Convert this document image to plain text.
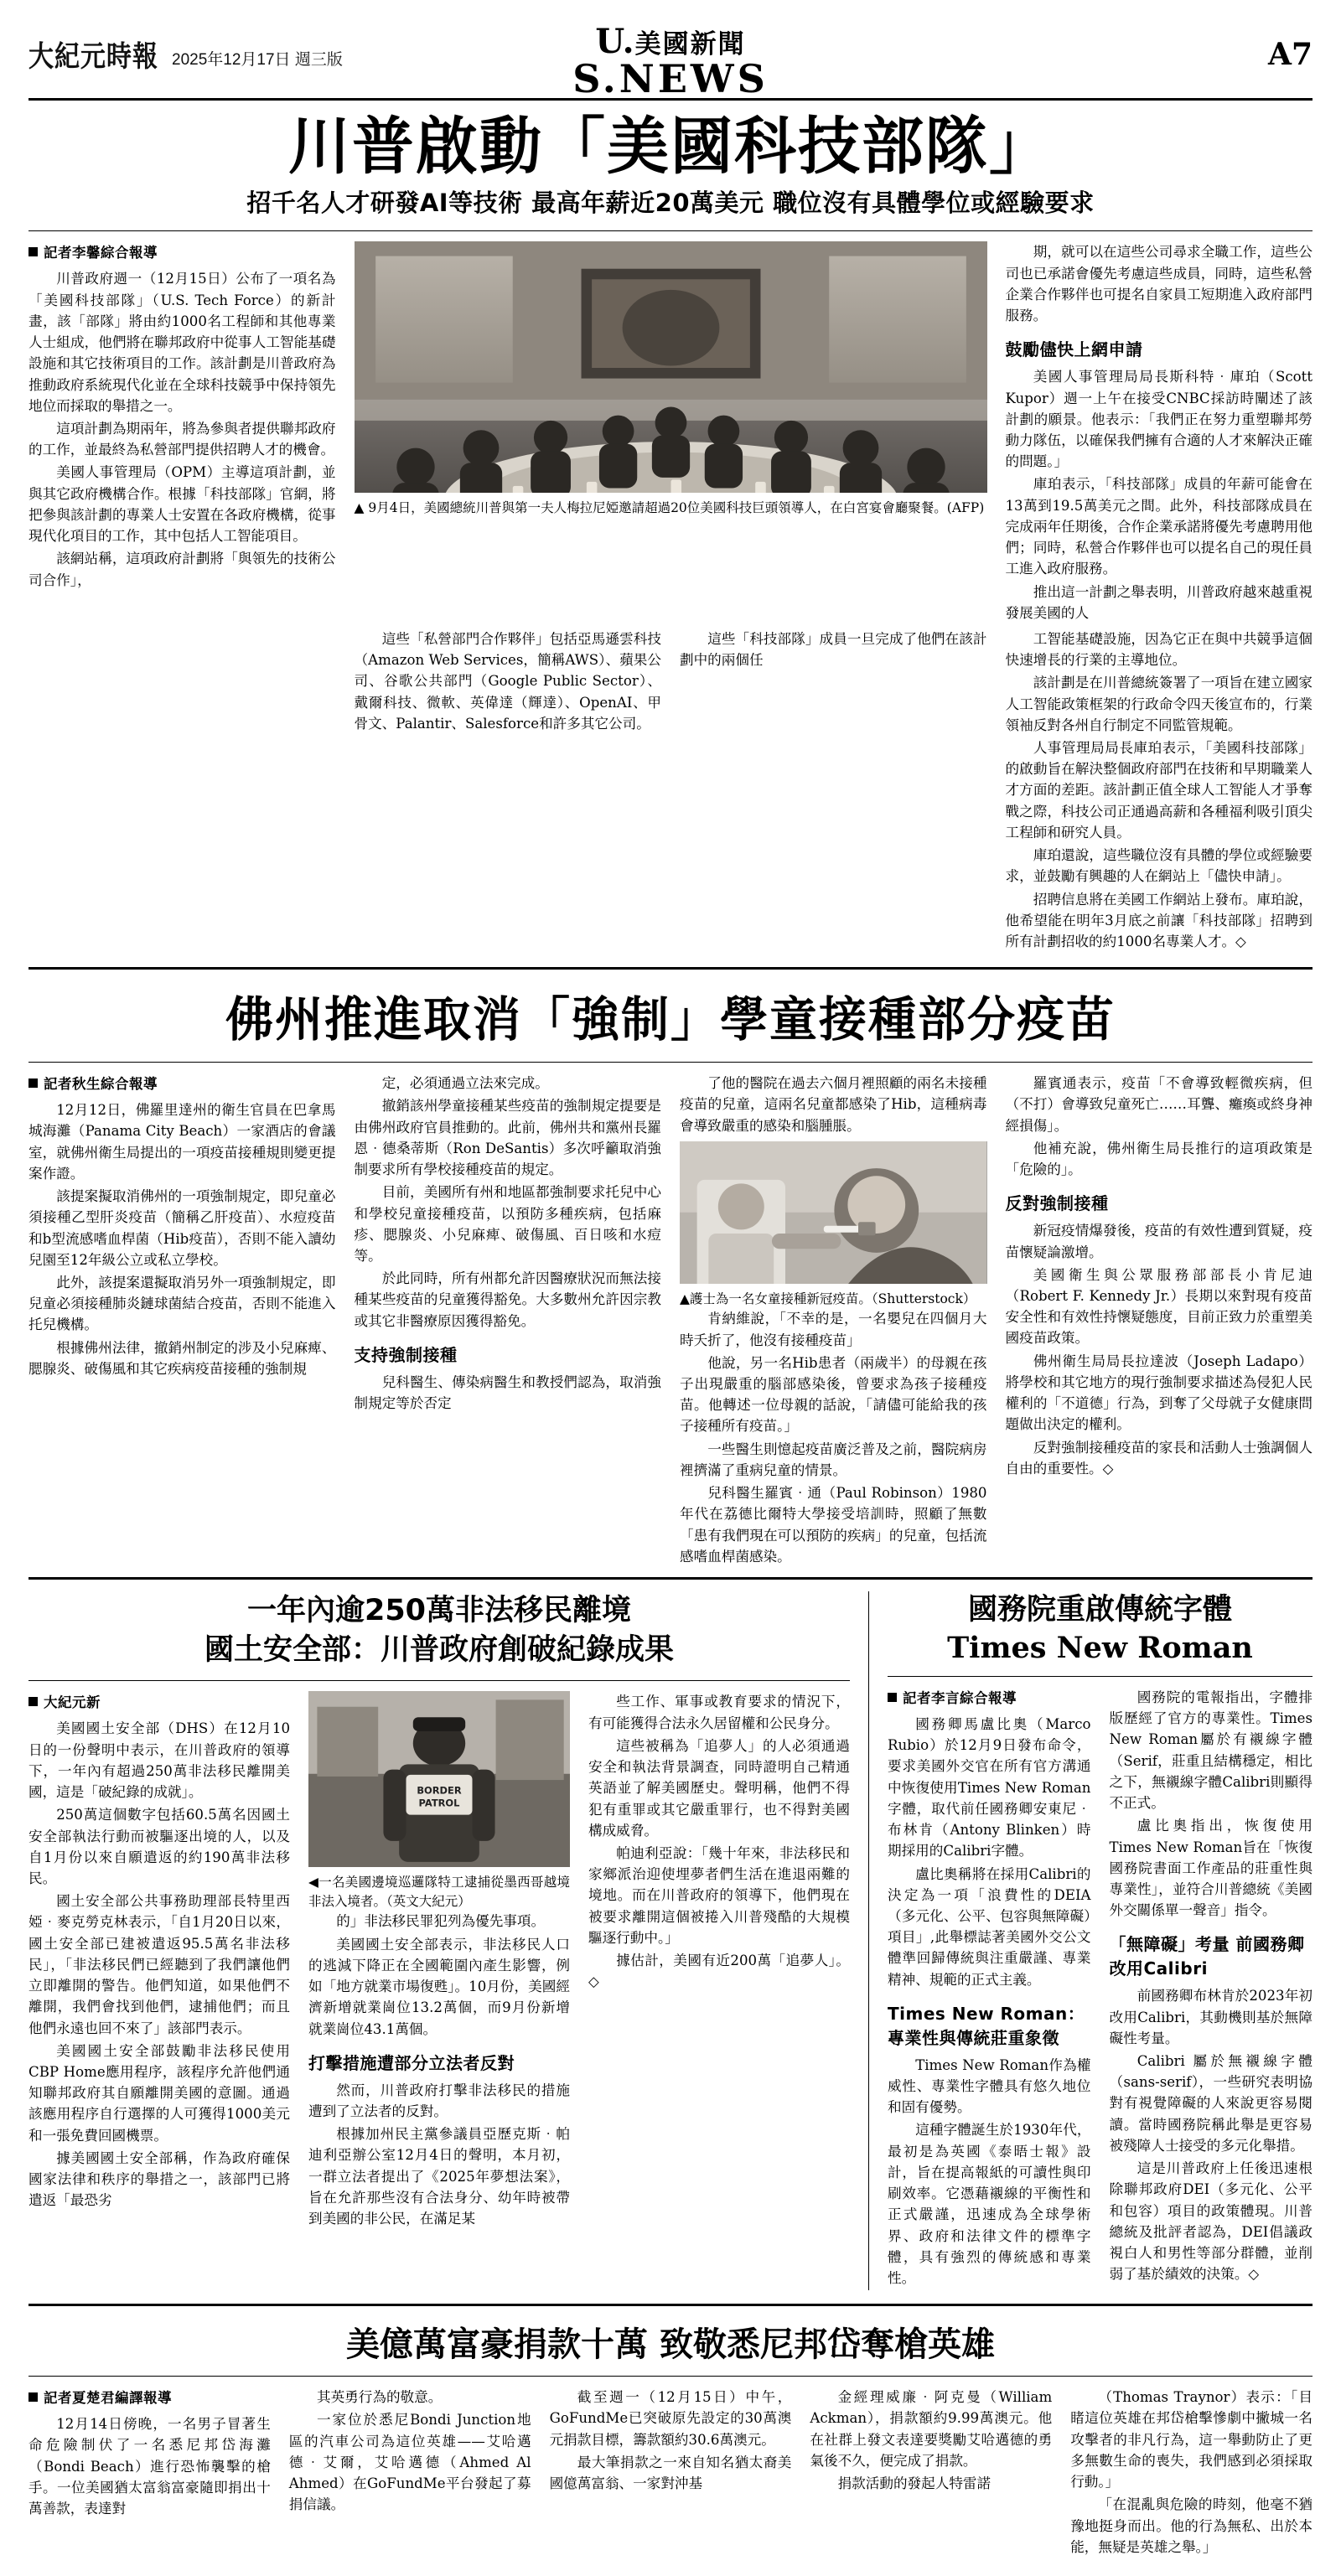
大紀元時報 2025年12月17日 週三版	U.美國新聞
S.NEWS
A7
川普啟動「美國科技部隊」
招千名人才研發AI等技術 最高年薪近20萬美元 職位沒有具體學位或經驗要求
記者李馨綜合報導

川普政府週一（12月15日）公布了一項名為「美國科技部隊」（U.S. Tech Force）的新計畫，該「部隊」將由約1000名工程師和其他專業人士組成，他們將在聯邦政府中從事人工智能基礎設施和其它技術項目的工作。該計劃是川普政府為推動政府系統現代化並在全球科技競爭中保持領先地位而採取的舉措之一。

這項計劃為期兩年，將為參與者提供聯邦政府的工作，並最終為私營部門提供招聘人才的機會。

美國人事管理局（OPM）主導這項計劃，並與其它政府機構合作。根據「科技部隊」官網，將把參與該計劃的專業人士安置在各政府機構，從事現代化項目的工作，其中包括人工智能項目。

該網站稱，這項政府計劃將「與領先的技術公司合作」，

▲ 9月4日，美國總統川普與第一夫人梅拉尼婭邀請超過20位美國科技巨頭領導人，在白宮宴會廳聚餐。(AFP)

期，就可以在這些公司尋求全職工作，這些公司也已承諾會優先考慮這些成員，同時，這些私營企業合作夥伴也可提名自家員工短期進入政府部門服務。

鼓勵儘快上網申請

美國人事管理局局長斯科特‧庫珀（Scott Kupor）週一上午在接受CNBC採訪時闡述了該計劃的願景。他表示：「我們正在努力重塑聯邦勞動力隊伍，以確保我們擁有合適的人才來解決正確的問題。」

庫珀表示，「科技部隊」成員的年薪可能會在13萬到19.5萬美元之間。此外，科技部隊成員在完成兩年任期後，合作企業承諾將優先考慮聘用他們；同時，私營合作夥伴也可以提名自己的現任員工進入政府服務。

推出這一計劃之舉表明，川普政府越來越重視發展美國的人

這些「私營部門合作夥伴」包括亞馬遜雲科技（Amazon Web Services，簡稱AWS）、蘋果公司、谷歌公共部門（Google Public Sector）、戴爾科技、微軟、英偉達（輝達）、OpenAI、甲骨文、Palantir、Salesforce和許多其它公司。

這些「科技部隊」成員一旦完成了他們在該計劃中的兩個任

工智能基礎設施，因為它正在與中共競爭這個快速增長的行業的主導地位。

該計劃是在川普總統簽署了一項旨在建立國家人工智能政策框架的行政命令四天後宣布的，行業領袖反對各州自行制定不同監管規範。

人事管理局局長庫珀表示，「美國科技部隊」的啟動旨在解決整個政府部門在技術和早期職業人才方面的差距。該計劃正值全球人工智能人才爭奪戰之際，科技公司正通過高薪和各種福利吸引頂尖工程師和研究人員。

庫珀還說，這些職位沒有具體的學位或經驗要求，並鼓勵有興趣的人在網站上「儘快申請」。

招聘信息將在美國工作網站上發布。庫珀說，他希望能在明年3月底之前讓「科技部隊」招聘到所有計劃招收的約1000名專業人才。◇

佛州推進取消「強制」學童接種部分疫苗
記者秋生綜合報導

12月12日，佛羅里達州的衛生官員在巴拿馬城海灘（Panama City Beach）一家酒店的會議室，就佛州衛生局提出的一項疫苗接種規則變更提案作證。

該提案擬取消佛州的一項強制規定，即兒童必須接種乙型肝炎疫苗（簡稱乙肝疫苗）、水痘疫苗和b型流感嗜血桿菌（Hib疫苗），否則不能入讀幼兒園至12年級公立或私立學校。

此外，該提案還擬取消另外一項強制規定，即兒童必須接種肺炎鏈球菌結合疫苗，否則不能進入托兒機構。

根據佛州法律，撤銷州制定的涉及小兒麻痺、腮腺炎、破傷風和其它疾病疫苗接種的強制規

定，必須通過立法來完成。

撤銷該州學童接種某些疫苗的強制規定提要是由佛州政府官員推動的。此前，佛州共和黨州長羅恩‧德桑蒂斯（Ron DeSantis）多次呼籲取消強制要求所有學校接種疫苗的規定。

目前，美國所有州和地區都強制要求托兒中心和學校兒童接種疫苗，以預防多種疾病，包括麻疹、腮腺炎、小兒麻痺、破傷風、百日咳和水痘等。

於此同時，所有州都允許因醫療狀況而無法接種某些疫苗的兒童獲得豁免。大多數州允許因宗教或其它非醫療原因獲得豁免。

支持強制接種

兒科醫生、傳染病醫生和教授們認為，取消強制規定等於否定

了他的醫院在過去六個月裡照顧的兩名未接種疫苗的兒童，這兩名兒童都感染了Hib，這種病毒會導致嚴重的感染和腦腫脹。

▲護士為一名女童接種新冠疫苗。（Shutterstock）

肯納維說，「不幸的是，一名嬰兒在四個月大時夭折了，他沒有接種疫苗」

他說，另一名Hib患者（兩歲半）的母親在孩子出現嚴重的腦部感染後，曾要求為孩子接種疫苗。他轉述一位母親的話說，「請儘可能給我的孩子接種所有疫苗。」

一些醫生則憶起疫苗廣泛普及之前，醫院病房裡擠滿了重病兒童的情景。

兒科醫生羅賓‧通（Paul Robinson）1980年代在荔德比爾特大學接受培訓時，照顧了無數「患有我們現在可以預防的疾病」的兒童，包括流感嗜血桿菌感染。

羅賓通表示，疫苗「不會導致輕微疾病，但（不打）會導致兒童死亡……耳聾、癱瘓或終身神經損傷」。

他補充說，佛州衛生局長推行的這項政策是「危險的」。

反對強制接種

新冠疫情爆發後，疫苗的有效性遭到質疑，疫苗懷疑論激增。

美國衛生與公眾服務部部長小肯尼迪（Robert F. Kennedy Jr.）長期以來對現有疫苗安全性和有效性持懷疑態度，目前正致力於重塑美國疫苗政策。

佛州衛生局局長拉達波（Joseph Ladapo）將學校和其它地方的現行強制要求描述為侵犯人民權利的「不道德」行為，到奪了父母就子女健康問題做出決定的權利。

反對強制接種疫苗的家長和活動人士強調個人自由的重要性。◇

一年內逾250萬非法移民離境
國土安全部：川普政府創破紀錄成果
大紀元新

美國國土安全部（DHS）在12月10日的一份聲明中表示，在川普政府的領導下，一年內有超過250萬非法移民離開美國，這是「破紀錄的成就」。

250萬這個數字包括60.5萬名因國土安全部執法行動而被驅逐出境的人，以及自1月份以來自願遣返的約190萬非法移民。

國土安全部公共事務助理部長特里西婭‧麥克勞克林表示，「自1月20日以來，國土安全部已建被遣返95.5萬名非法移民」，「非法移民們已經聽到了我們讓他們立即離開的警告。他們知道，如果他們不離開，我們會找到他們，逮捕他們；而且他們永遠也回不來了」該部門表示。

美國國土安全部鼓勵非法移民使用CBP Home應用程序，該程序允許他們通知聯邦政府其自願離開美國的意圖。通過該應用程序自行選擇的人可獲得1000美元和一張免費回國機票。

據美國國土安全部稱，作為政府確保國家法律和秩序的舉措之一，該部門已將遣返「最恐劣

BORDER
PATROL
◀一名美國邊境巡邏隊特工逮捕從墨西哥越境非法入境者。（英文大紀元）

的」非法移民罪犯列為優先事項。

美國國土安全部表示，非法移民人口的逃減下降正在全國範圍內產生影響，例如「地方就業市場復甦」。10月份，美國經濟新增就業崗位13.2萬個，而9月份新增就業崗位43.1萬個。

打擊措施遭部分立法者反對

然而，川普政府打擊非法移民的措施遭到了立法者的反對。

根據加州民主黨參議員亞歷克斯‧帕迪利亞辦公室12月4日的聲明，本月初，一群立法者提出了《2025年夢想法案》，旨在允許那些沒有合法身分、幼年時被帶到美國的非公民，在滿足某

些工作、軍事或教育要求的情況下，有可能獲得合法永久居留權和公民身分。

這些被稱為「追夢人」的人必須通過安全和執法背景調查，同時證明自己精通英語並了解美國歷史。聲明稱，他們不得犯有重罪或其它嚴重罪行，也不得對美國構成威脅。

帕迪利亞說：「幾十年來，非法移民和家鄉派治迎使埋夢者們生活在進退兩難的境地。而在川普政府的領導下，他們現在被要求離開這個被捲入川普殘酷的大規模驅逐行動中。」

據估計，美國有近200萬「追夢人」。◇

國務院重啟傳統字體
Times New Roman
記者李言綜合報導

國務卿馬盧比奧（Marco Rubio）於12月9日發布命令，要求美國外交官在所有官方溝通中恢復使用Times New Roman字體，取代前任國務卿安東尼‧布林肯（Antony Blinken）時期採用的Calibri字體。

盧比奧稱將在採用Calibri的決定為一項「浪費性的DEIA（多元化、公平、包容與無障礙）項目」,此舉標誌著美國外交公文體準回歸傳統與注重嚴謹、專業精神、規範的正式主義。

Times New Roman：專業性與傳統莊重象徵

Times New Roman作為權威性、專業性字體具有悠久地位和固有優勢。

這種字體誕生於1930年代，最初是為英國《泰晤士報》設計，旨在提高報紙的可讀性與印刷效率。它憑藉襯線的平衡性和正式嚴謹，迅速成為全球學術界、政府和法律文件的標準字體，具有強烈的傳統感和專業性。

國務院的電報指出，字體排版歷經了官方的專業性。Times New Roman屬於有襯線字體（Serif，莊重且結構穩定，相比之下，無襯線字體Calibri則顯得不正式。

盧比奧指出，恢復使用Times New Roman旨在「恢復國務院書面工作產品的莊重性與專業性」，並符合川普總統《美國外交關係單一聲音」指令。

「無障礙」考量 前國務卿改用Calibri

前國務卿布林肯於2023年初改用Calibri，其動機則基於無障礙性考量。

Calibri 屬於無襯線字體（sans-serif），一些研究表明協對有視覺障礙的人來說更容易閱讀。當時國務院稱此舉是更容易被殘障人士接受的多元化舉措。

這是川普政府上任後迅速根除聯邦政府DEI（多元化、公平和包容）項目的政策體現。川普總統及批評者認為，DEI倡議政視白人和男性等部分群體，並削弱了基於績效的決策。◇

美億萬富豪捐款十萬 致敬悉尼邦岱奪槍英雄
記者夏楚君編譯報導

12月14日傍晚，一名男子冒著生命危險制伏了一名悉尼邦岱海灘（Bondi Beach）進行恐怖襲擊的槍手。一位美國猶太富翁富豪隨即捐出十萬善款，表達對

其英勇行為的敬意。

一家位於悉尼Bondi Junction地區的汽車公司為這位英雄——艾哈邁德‧艾爾，艾哈邁德（Ahmed Al Ahmed）在GoFundMe平台發起了募捐信議。

截至週一（12月15日）中午，GoFundMe已突破原先設定的30萬澳元捐款目標，籌款額約30.6萬澳元。

最大筆捐款之一來自知名猶太裔美國億萬富翁、一家對沖基

金經理威廉‧阿克曼（William Ackman），捐款額約9.99萬澳元。他在社群上發文表達要獎勵艾哈邁德的勇氣後不久，便完成了捐款。

捐款活動的發起人特雷諾

（Thomas Traynor）表示：「目睹這位英雄在邦岱槍擊慘劇中撇城一名攻擊者的非凡行為，這一舉動防止了更多無數生命的喪失，我們感到必須採取行動。」

「在混亂與危險的時刻，他毫不猶豫地挺身而出。他的行為無私、出於本能，無疑是英雄之舉。」
